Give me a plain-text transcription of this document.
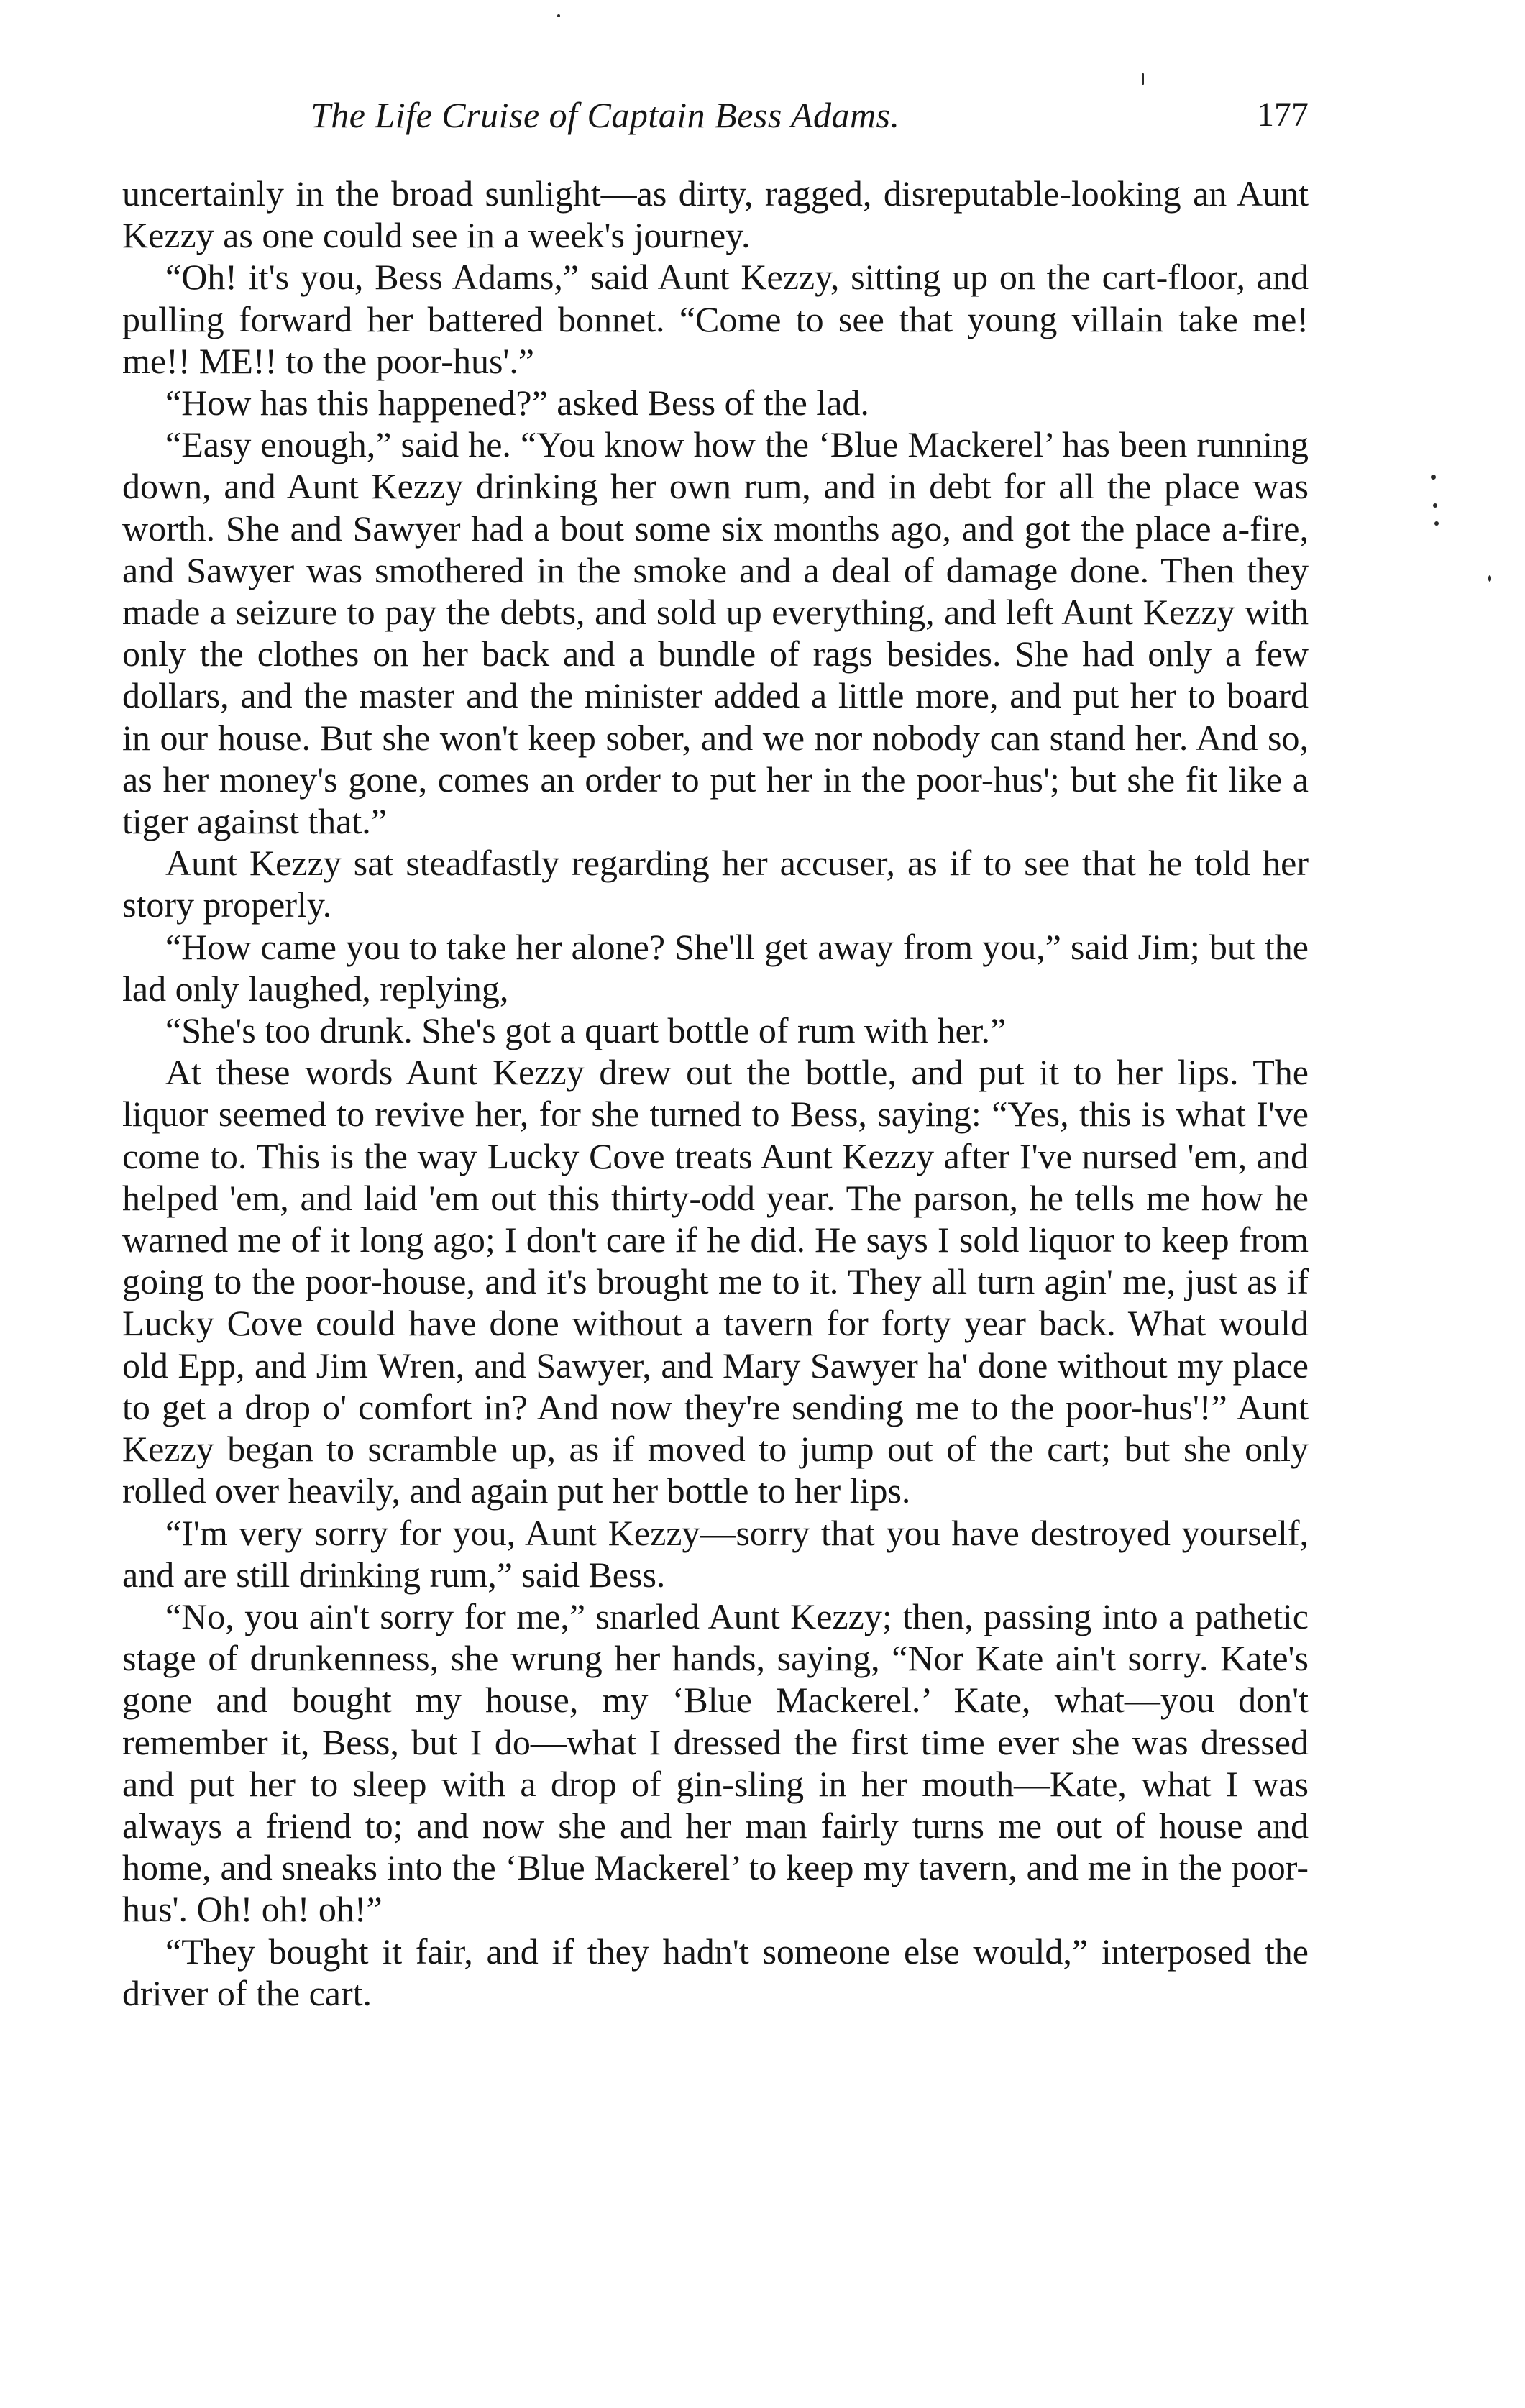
The Life Cruise of Captain Bess Adams.	177

uncertainly in the broad sunlight—as dirty, ragged, disreputable-looking an Aunt Kezzy as one could see in a week's journey.

“Oh! it's you, Bess Adams,” said Aunt Kezzy, sitting up on the cart-floor, and pulling forward her battered bonnet. “Come to see that young villain take me! me!! ME!! to the poor-hus'.”

“How has this happened?” asked Bess of the lad.

“Easy enough,” said he. “You know how the ‘Blue Mackerel’ has been running down, and Aunt Kezzy drinking her own rum, and in debt for all the place was worth. She and Sawyer had a bout some six months ago, and got the place a-fire, and Sawyer was smothered in the smoke and a deal of damage done. Then they made a seizure to pay the debts, and sold up everything, and left Aunt Kezzy with only the clothes on her back and a bundle of rags besides. She had only a few dollars, and the master and the minister added a little more, and put her to board in our house. But she won't keep sober, and we nor nobody can stand her. And so, as her money's gone, comes an order to put her in the poor-hus'; but she fit like a tiger against that.”

Aunt Kezzy sat steadfastly regarding her accuser, as if to see that he told her story properly.

“How came you to take her alone? She'll get away from you,” said Jim; but the lad only laughed, replying,

“She's too drunk. She's got a quart bottle of rum with her.”

At these words Aunt Kezzy drew out the bottle, and put it to her lips. The liquor seemed to revive her, for she turned to Bess, saying: “Yes, this is what I've come to. This is the way Lucky Cove treats Aunt Kezzy after I've nursed 'em, and helped 'em, and laid 'em out this thirty-odd year. The parson, he tells me how he warned me of it long ago; I don't care if he did. He says I sold liquor to keep from going to the poor-house, and it's brought me to it. They all turn agin' me, just as if Lucky Cove could have done without a tavern for forty year back. What would old Epp, and Jim Wren, and Sawyer, and Mary Sawyer ha' done without my place to get a drop o' comfort in? And now they're sending me to the poor-hus'!” Aunt Kezzy began to scramble up, as if moved to jump out of the cart; but she only rolled over heavily, and again put her bottle to her lips.

“I'm very sorry for you, Aunt Kezzy—sorry that you have destroyed yourself, and are still drinking rum,” said Bess.

“No, you ain't sorry for me,” snarled Aunt Kezzy; then, passing into a pathetic stage of drunkenness, she wrung her hands, saying, “Nor Kate ain't sorry. Kate's gone and bought my house, my ‘Blue Mackerel.’ Kate, what—you don't remember it, Bess, but I do—what I dressed the first time ever she was dressed and put her to sleep with a drop of gin-sling in her mouth—Kate, what I was always a friend to; and now she and her man fairly turns me out of house and home, and sneaks into the ‘Blue Mackerel’ to keep my tavern, and me in the poor-hus'. Oh! oh! oh!”

“They bought it fair, and if they hadn't someone else would,” interposed the driver of the cart.
